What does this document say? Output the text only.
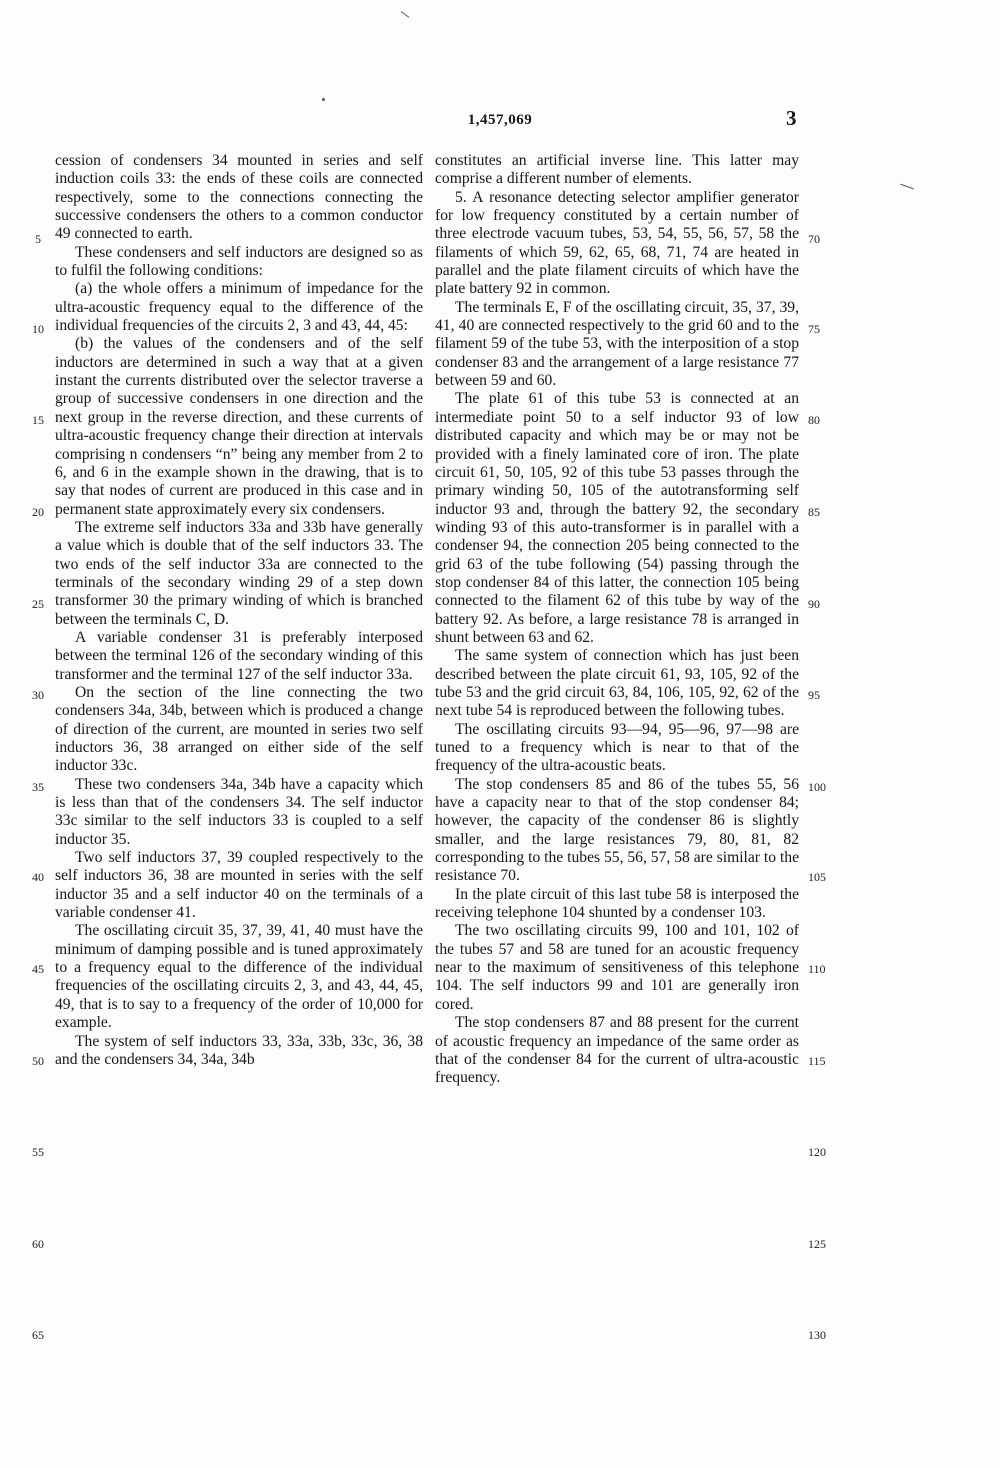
1,457,069	3

cession of condensers 34 mounted in series and self induction coils 33: the ends of these coils are connected respectively, some to the connections connecting the successive condensers the others to a common conductor 49 connected to earth.

These condensers and self inductors are designed so as to fulfil the following conditions:

(a) the whole offers a minimum of impedance for the ultra-acoustic frequency equal to the difference of the individual frequencies of the circuits 2, 3 and 43, 44, 45:

(b) the values of the condensers and of the self inductors are determined in such a way that at a given instant the currents distributed over the selector traverse a group of successive condensers in one direction and the next group in the reverse direction, and these currents of ultra-acoustic frequency change their direction at intervals comprising n condensers “n” being any member from 2 to 6, and 6 in the example shown in the drawing, that is to say that nodes of current are produced in this case and in permanent state approximately every six condensers.

The extreme self inductors 33a and 33b have generally a value which is double that of the self inductors 33. The two ends of the self inductor 33a are connected to the terminals of the secondary winding 29 of a step down transformer 30 the primary winding of which is branched between the terminals C, D.

A variable condenser 31 is preferably interposed between the terminal 126 of the secondary winding of this transformer and the terminal 127 of the self inductor 33a.

On the section of the line connecting the two condensers 34a, 34b, between which is produced a change of direction of the current, are mounted in series two self inductors 36, 38 arranged on either side of the self inductor 33c.

These two condensers 34a, 34b have a capacity which is less than that of the condensers 34. The self inductor 33c similar to the self inductors 33 is coupled to a self inductor 35.

Two self inductors 37, 39 coupled respectively to the self inductors 36, 38 are mounted in series with the self inductor 35 and a self inductor 40 on the terminals of a variable condenser 41.

The oscillating circuit 35, 37, 39, 41, 40 must have the minimum of damping possible and is tuned approximately to a frequency equal to the difference of the individual frequencies of the oscillating circuits 2, 3, and 43, 44, 45, 49, that is to say to a frequency of the order of 10,000 for example.

The system of self inductors 33, 33a, 33b, 33c, 36, 38 and the condensers 34, 34a, 34b

constitutes an artificial inverse line. This latter may comprise a different number of elements.

5. A resonance detecting selector amplifier generator for low frequency constituted by a certain number of three electrode vacuum tubes, 53, 54, 55, 56, 57, 58 the filaments of which 59, 62, 65, 68, 71, 74 are heated in parallel and the plate filament circuits of which have the plate battery 92 in common.

The terminals E, F of the oscillating circuit, 35, 37, 39, 41, 40 are connected respectively to the grid 60 and to the filament 59 of the tube 53, with the interposition of a stop condenser 83 and the arrangement of a large resistance 77 between 59 and 60.

The plate 61 of this tube 53 is connected at an intermediate point 50 to a self inductor 93 of low distributed capacity and which may be or may not be provided with a finely laminated core of iron. The plate circuit 61, 50, 105, 92 of this tube 53 passes through the primary winding 50, 105 of the autotransforming self inductor 93 and, through the battery 92, the secondary winding 93 of this auto-transformer is in parallel with a condenser 94, the connection 205 being connected to the grid 63 of the tube following (54) passing through the stop condenser 84 of this latter, the connection 105 being connected to the filament 62 of this tube by way of the battery 92. As before, a large resistance 78 is arranged in shunt between 63 and 62.

The same system of connection which has just been described between the plate circuit 61, 93, 105, 92 of the tube 53 and the grid circuit 63, 84, 106, 105, 92, 62 of the next tube 54 is reproduced between the following tubes.

The oscillating circuits 93—94, 95—96, 97—98 are tuned to a frequency which is near to that of the frequency of the ultra-acoustic beats.

The stop condensers 85 and 86 of the tubes 55, 56 have a capacity near to that of the stop condenser 84; however, the capacity of the condenser 86 is slightly smaller, and the large resistances 79, 80, 81, 82 corresponding to the tubes 55, 56, 57, 58 are similar to the resistance 70.

In the plate circuit of this last tube 58 is interposed the receiving telephone 104 shunted by a condenser 103.

The two oscillating circuits 99, 100 and 101, 102 of the tubes 57 and 58 are tuned for an acoustic frequency near to the maximum of sensitiveness of this telephone 104. The self inductors 99 and 101 are generally iron cored.

The stop condensers 87 and 88 present for the current of acoustic frequency an impedance of the same order as that of the condenser 84 for the current of ultra-acoustic frequency.

5
10
15
20
25
30
35
40
45
50
55
60
65
70
75
80
85
90
95
100
105
110
115
120
125
130
